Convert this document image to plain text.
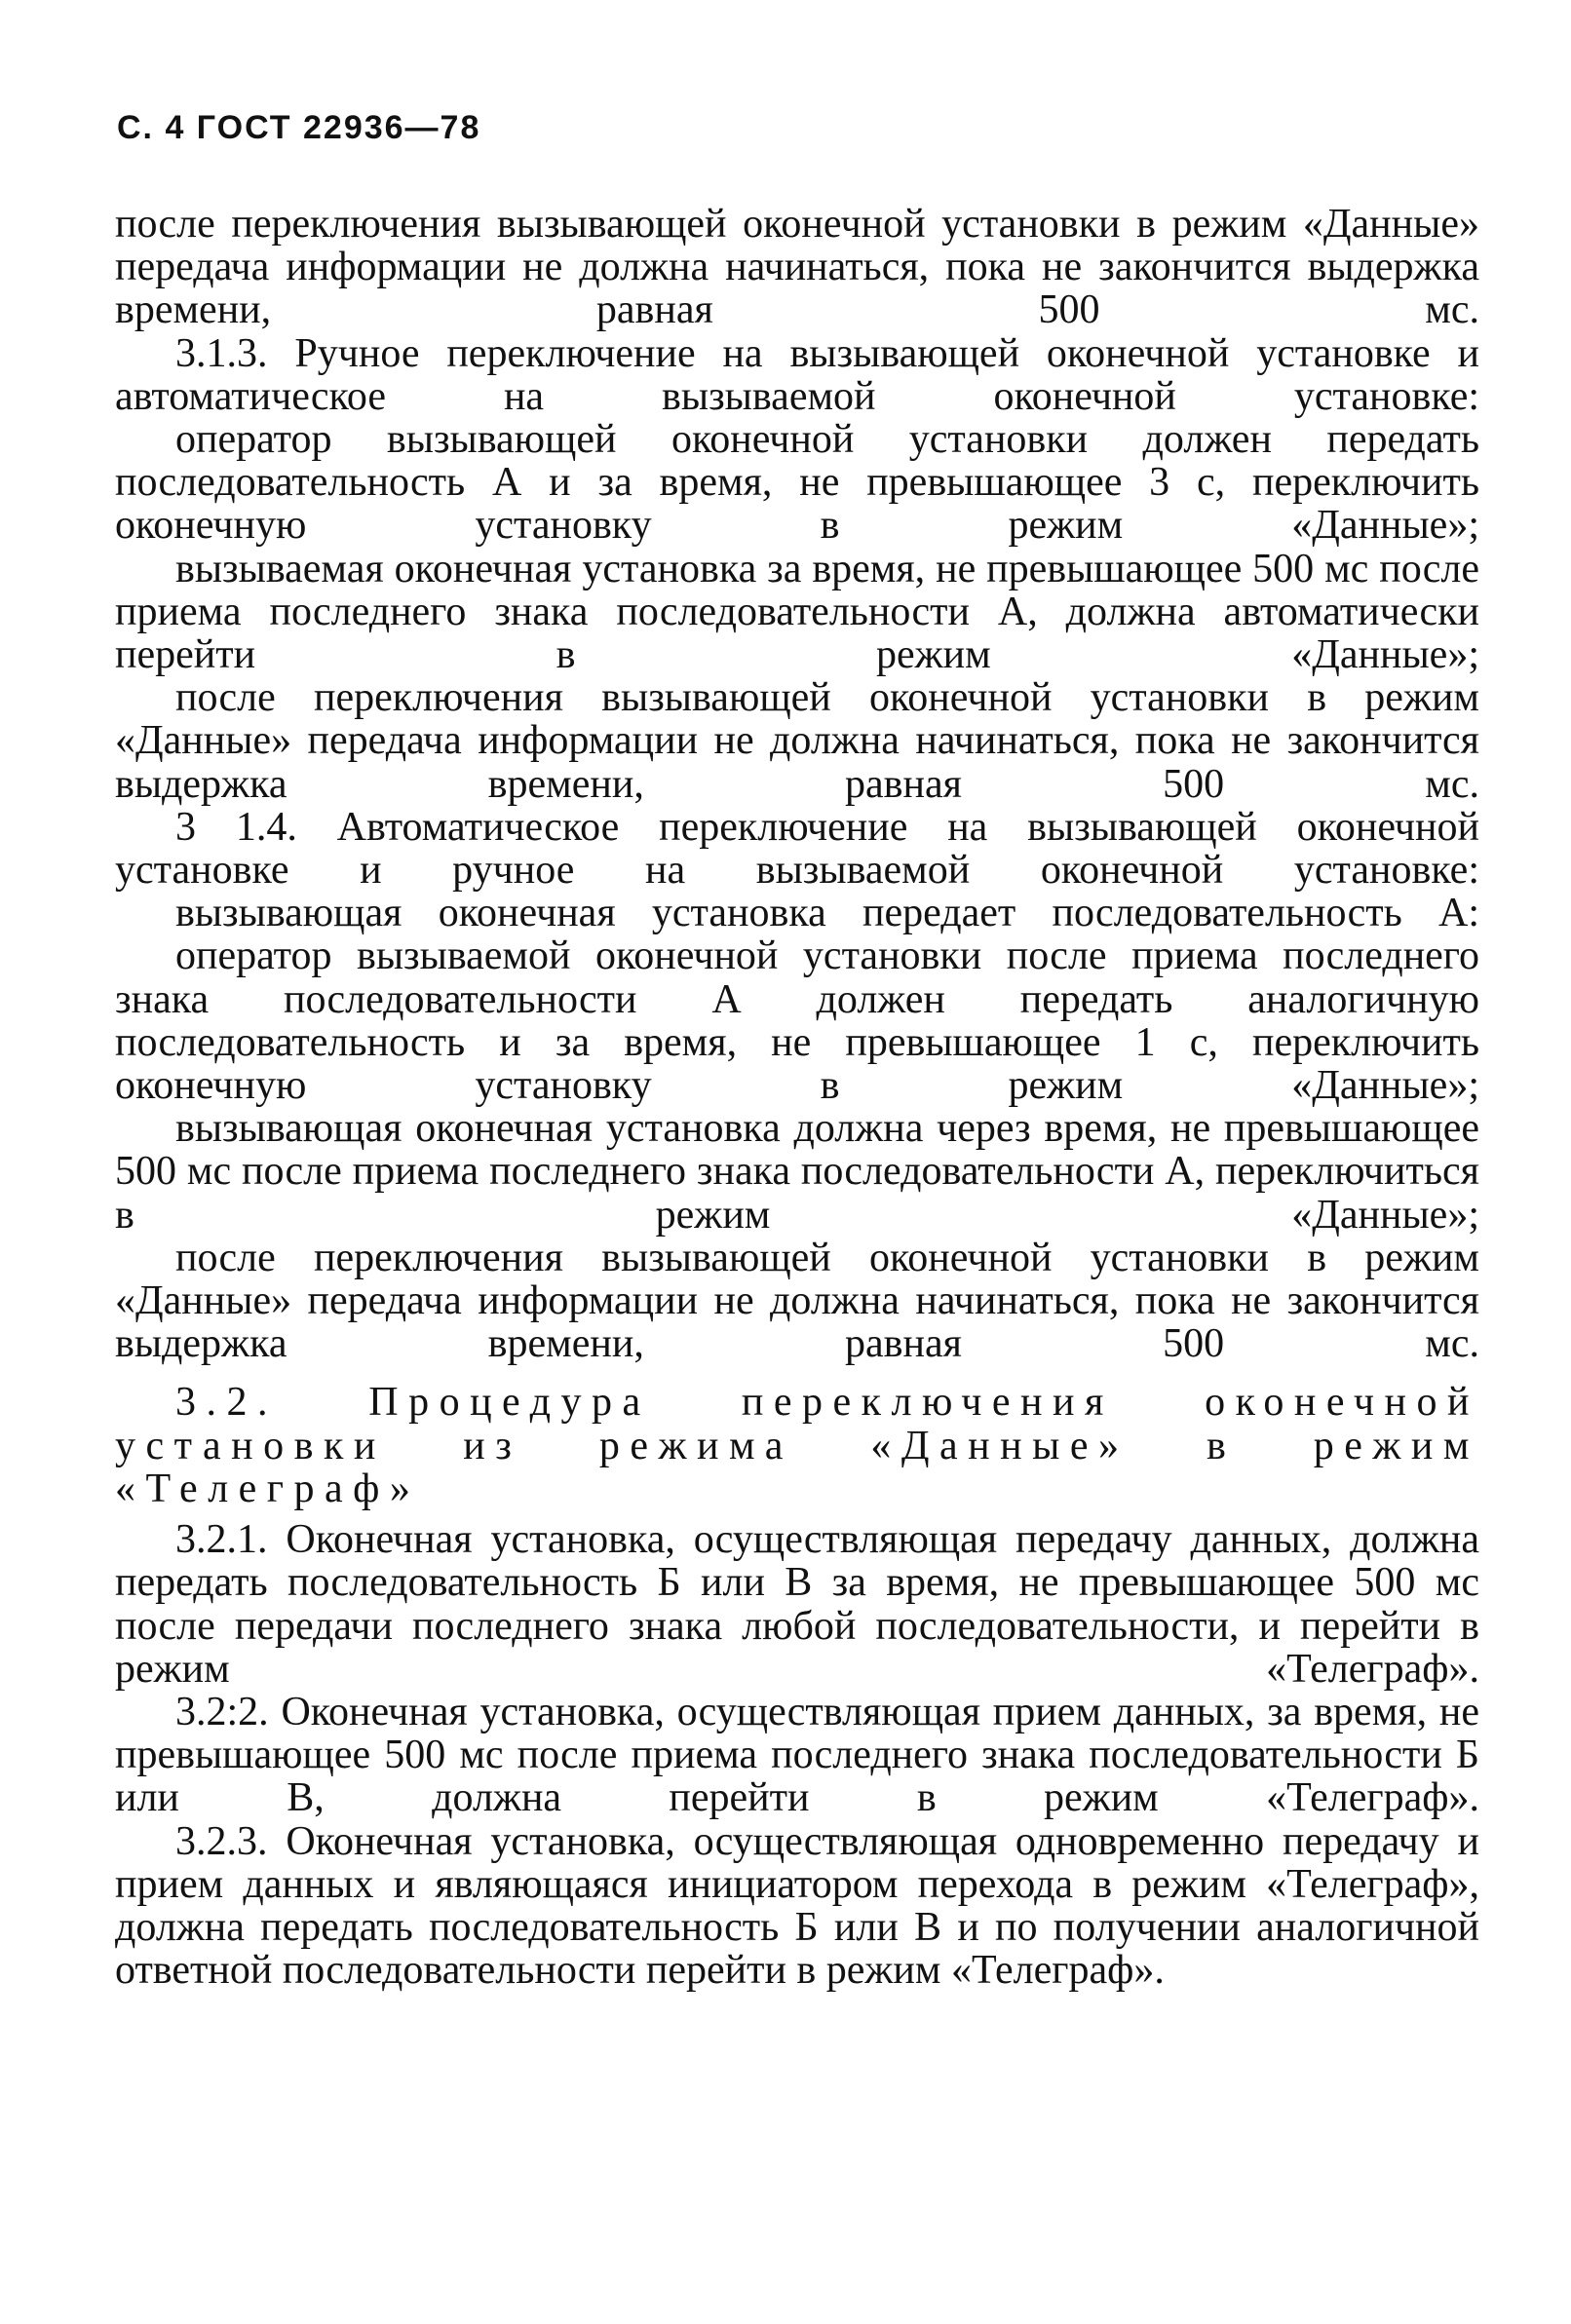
С. 4 ГОСТ 22936—78
после переключения вызывающей оконечной установки в режим «Данные» передача информации не должна начинаться, пока не закончится выдержка времени, равная 500 мс.
3.1.3. Ручное переключение на вызывающей оконечной установке и автоматическое на вызываемой оконечной установке:
оператор вызывающей оконечной установки должен передать последовательность А и за время, не превышающее 3 с, переключить оконечную установку в режим «Данные»;
вызываемая оконечная установка за время, не превышающее 500 мс после приема последнего знака последовательности А, должна автоматически перейти в режим «Данные»;
после переключения вызывающей оконечной установки в режим «Данные» передача информации не должна начинаться, пока не закончится выдержка времени, равная 500 мс.
3 1.4. Автоматическое переключение на вызывающей оконечной установке и ручное на вызываемой оконечной установке:
вызывающая оконечная установка передает последовательность А:
оператор вызываемой оконечной установки после приема последнего знака последовательности А должен передать аналогичную последовательность и за время, не превышающее 1 с, переключить оконечную установку в режим «Данные»;
вызывающая оконечная установка должна через время, не превышающее 500 мс после приема последнего знака последовательности А, переключиться в режим «Данные»;
после переключения вызывающей оконечной установки в режим «Данные» передача информации не должна начинаться, пока не закончится выдержка времени, равная 500 мс.
3.2. Процедура переключения оконечной установки из режима «Данные» в режим «Телеграф»
3.2.1. Оконечная установка, осуществляющая передачу данных, должна передать последовательность Б или В за время, не превышающее 500 мс после передачи последнего знака любой последовательности, и перейти в режим «Телеграф».
3.2:2. Оконечная установка, осуществляющая прием данных, за время, не превышающее 500 мс после приема последнего знака последовательности Б или В, должна перейти в режим «Телеграф».
3.2.3. Оконечная установка, осуществляющая одновременно передачу и прием данных и являющаяся инициатором перехода в режим «Телеграф», должна передать последовательность Б или В и по получении аналогичной ответной последовательности перейти в режим «Телеграф».
